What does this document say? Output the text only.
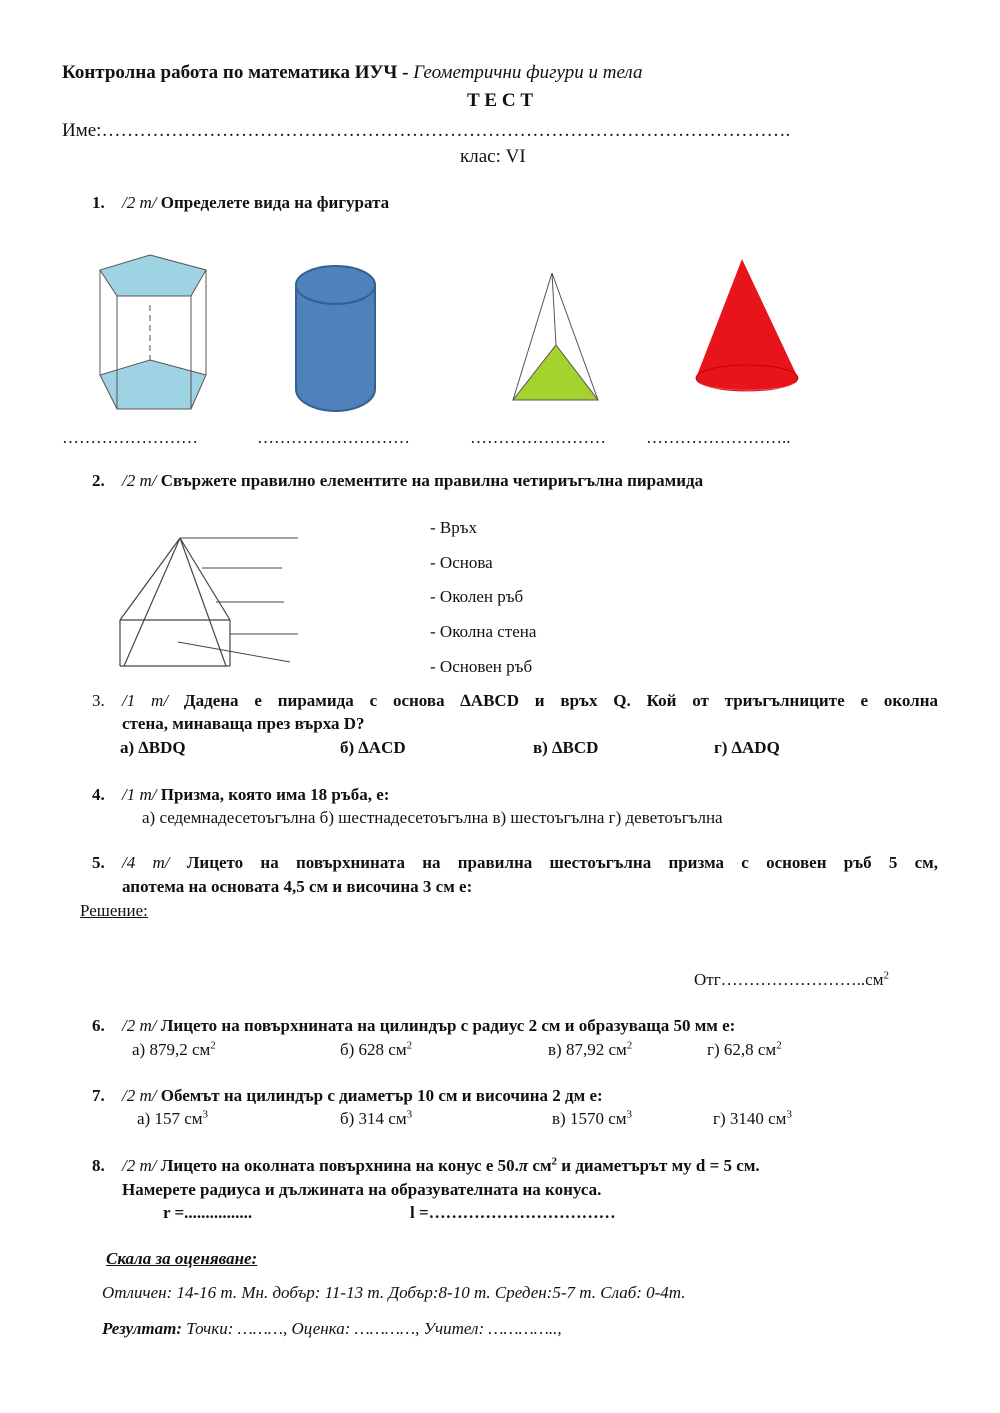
Контролна работа по математика ИУЧ - Геометрични фигури и тела
Т Е С Т
Име:……………………………………………………………………………………………….
клас: VI
1. /2 т/ Определете вида на фигурата
……………………	………………………	…………………… ……………………..
2. /2 т/ Свържете правилно елементите на правилна четириъгълна пирамида
- Връх
- Основа
- Околен ръб
- Околна стена
- Основен ръб
3. /1 т/ Дадена е пирамида с основа ∆ABCD и връх Q. Кой от триъгълниците е околна
стена, минаваща през върха D?
а) ∆BDQ	б) ∆ACD	в) ∆BCD	г) ∆ADQ
4. /1 т/ Призма, която има 18 ръба, е:
а) седемнадесетоъгълна б) шестнадесетоъгълна в) шестоъгълна г) деветоъгълна
5. /4 т/ Лицето на повърхнината на правилна шестоъгълна призма с основен ръб 5 см,
апотема на основата 4,5 см и височина 3 см е:
Решение:
$Отг\dots\dots\dots\dots\dots\dots\dots\dots..см^2$
6. /2 т/ Лицето на повърхнината на цилиндър с радиус 2 см и образуваща 50 мм е:
а) 879,2 $см^2$	б) 628 $см^2$	в) 87,92 $см^2$	г) 62,8 $см^2$
7. /2 т/ Обемът на цилиндър с диаметър 10 см и височина 2 дм е:
а) 157 $см^3$	б) 314 $см^3$	в) 1570 $см^3$	г) 3140 $см^3$
8. /2 т/ Лицето на околната повърхнина на конус е 50.π $см^2$ и диаметърът му d = 5 см.
Намерете радиуса и дължината на образувателната на конуса.
r =................	l =……………………………
Скала за оценяване:
Отличен: 14-16 т. Мн. добър: 11-13 т. Добър:8-10 т. Среден:5-7 т. Слаб: 0-4т.
Резултат: Точки: ………, Оценка: …………, Учител: …………..,
